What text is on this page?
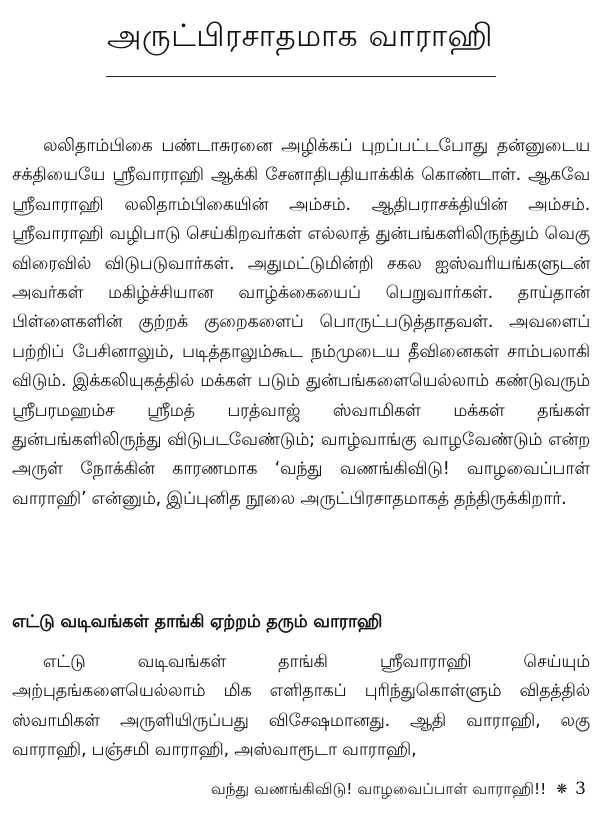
அருட்பிரசாதமாக வாராஹி

லலிதாம்பிகை பண்டாசுரனை அழிக்கப் புறப்பட்டபோது தன்னுடைய சக்தியையே ஸ்ரீவாராஹி ஆக்கி சேனாதிபதியாக்கிக் கொண்டாள். ஆகவே ஸ்ரீவாராஹி லலிதாம்பிகையின் அம்சம். ஆதிபராசக்தியின் அம்சம். ஸ்ரீவாராஹி வழிபாடு செய்கிறவர்கள் எல்லாத் துன்பங்களிலிருந்தும் வெகு விரைவில் விடுபடுவார்கள். அதுமட்டுமின்றி சகல ஐஸ்வரியங்களுடன் அவர்கள் மகிழ்ச்சியான வாழ்க்கையைப் பெறுவார்கள். தாய்தான் பிள்ளைகளின் குற்றக் குறைகளைப் பொருட்படுத்தாதவள். அவளைப் பற்றிப் பேசினாலும், படித்தாலும்கூட நம்முடைய தீவினைகள் சாம்பலாகி விடும். இக்கலியுகத்தில் மக்கள் படும் துன்பங்களையெல்லாம் கண்டுவரும் ஸ்ரீபரமஹம்ச ஸ்ரீமத் பரத்வாஜ் ஸ்வாமிகள் மக்கள் தங்கள் துன்பங்களிலிருந்து விடுபடவேண்டும்; வாழ்வாங்கு வாழவேண்டும் என்ற அருள் நோக்கின் காரணமாக ‘வந்து வணங்கிவிடு! வாழவைப்பாள் வாராஹி’ என்னும், இப்புனித நூலை அருட்பிரசாதமாகத் தந்திருக்கிறார்.

எட்டு வடிவங்கள் தாங்கி ஏற்றம் தரும் வாராஹி

எட்டு வடிவங்கள் தாங்கி ஸ்ரீவாராஹி செய்யும் அற்புதங்களையெல்லாம் மிக எளிதாகப் புரிந்துகொள்ளும் விதத்தில் ஸ்வாமிகள் அருளியிருப்பது விசேஷமானது. ஆதி வாராஹி, லகு வாராஹி, பஞ்சமி வாராஹி, அஸ்வாரூடா வாராஹி,

வந்து வணங்கிவிடு! வாழவைப்பாள் வாராஹி!! ❋ 3
